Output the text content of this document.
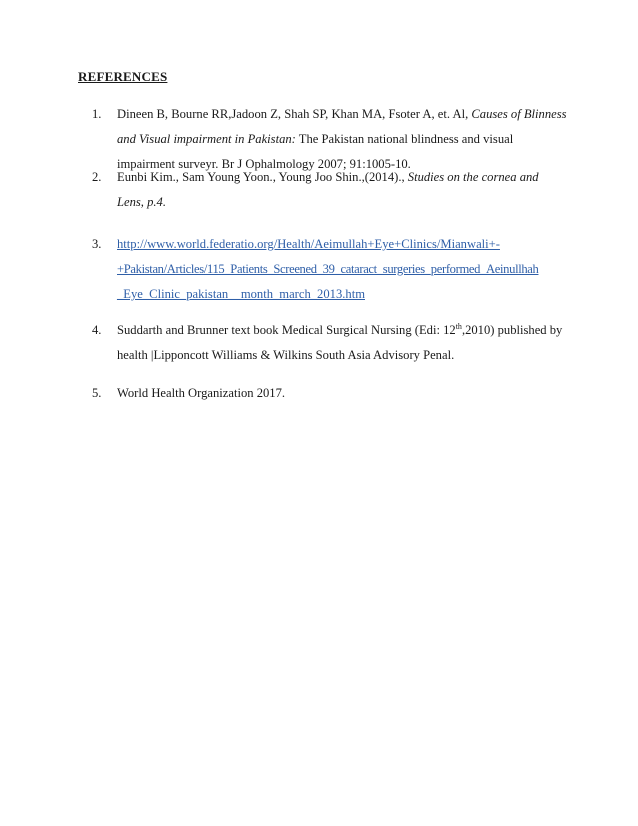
REFERENCES
1.	Dineen B, Bourne RR,Jadoon Z, Shah SP, Khan MA, Fsoter A, et. Al, Causes of Blinness
and Visual impairment in Pakistan: The Pakistan national blindness and visual
impairment surveyr. Br J Ophalmology 2007; 91:1005-10.
2.	Eunbi Kim., Sam Young Yoon., Young Joo Shin.,(2014)., Studies on the cornea and
Lens, p.4.
3.	http://www.world.federatio.org/Health/Aeimullah+Eye+Clinics/Mianwali+-
+Pakistan/Articles/115_Patients_Screened_39_cataract_surgeries_performed_Aeinullhah
_Eye_Clinic_pakistan__month_march_2013.htm
4.	Suddarth and Brunner text book Medical Surgical Nursing (Edi: 12th,2010) published by
health |Lipponcott Williams & Wilkins South Asia Advisory Penal.
5.	World Health Organization 2017.
